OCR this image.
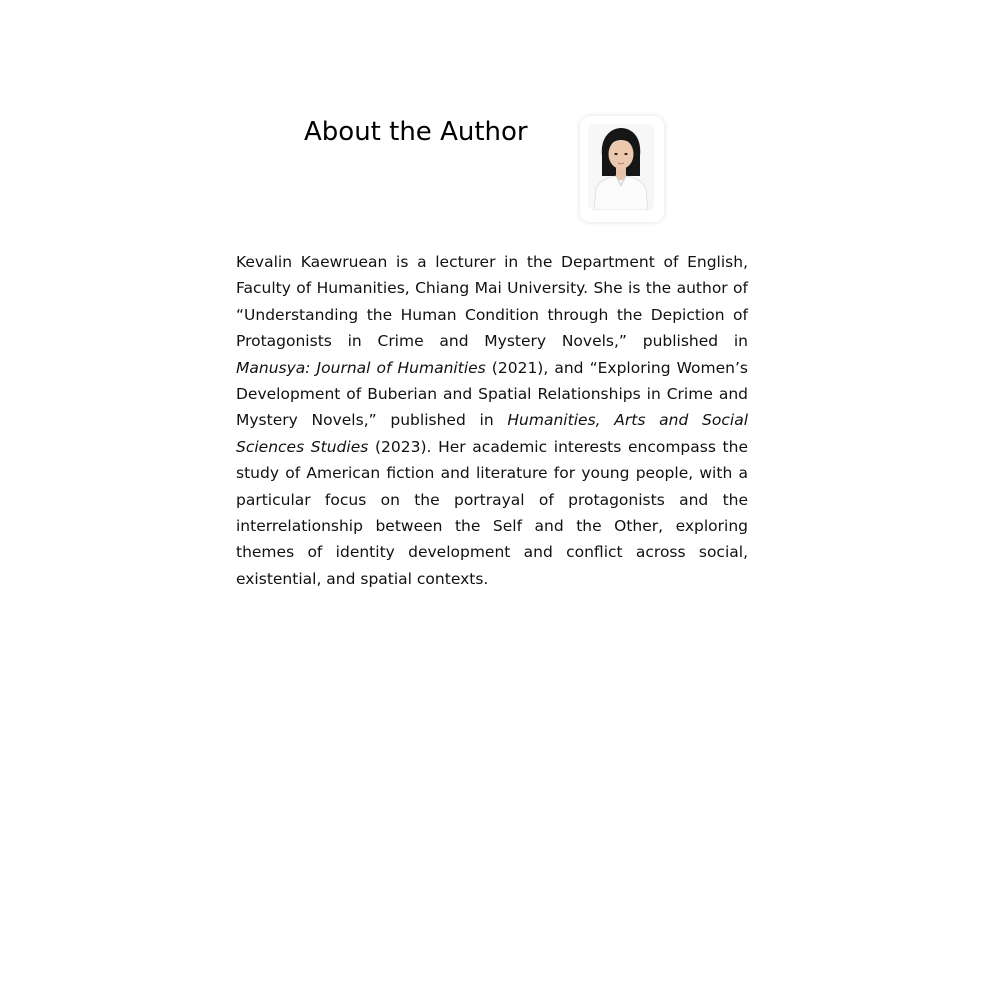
About the Author

Kevalin Kaewruean is a lecturer in the Department of English, Faculty of Humanities, Chiang Mai University. She is the author of “Understanding the Human Condition through the Depiction of Protagonists in Crime and Mystery Novels,” published in Manusya: Journal of Humanities (2021), and “Exploring Women’s Development of Buberian and Spatial Relationships in Crime and Mystery Novels,” published in Humanities, Arts and Social Sciences Studies (2023). Her academic interests encompass the study of American fiction and literature for young people, with a particular focus on the portrayal of protagonists and the interrelationship between the Self and the Other, exploring themes of identity development and conflict across social, existential, and spatial contexts.
